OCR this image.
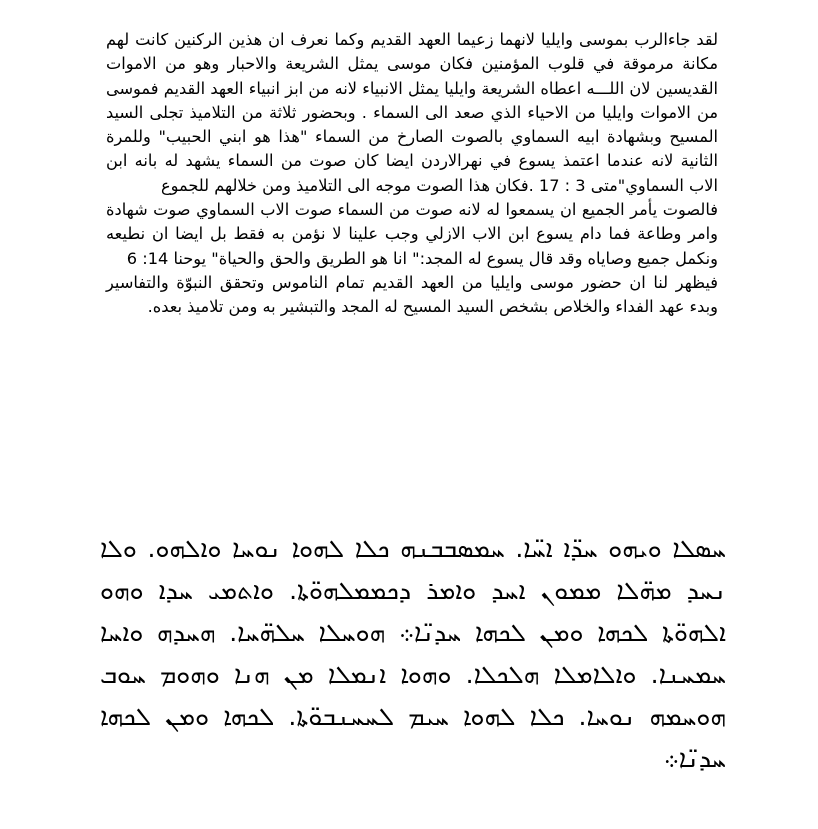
لقد جاءالرب بموسى وايليا لانهما زعيما العهد القديم وكما نعرف ان هذين الركنين كانت لهم مكانة مرموقة في قلوب المؤمنين فكان موسى يمثل الشريعة والاحبار وهو من الاموات القديسين لان اللـــه اعطاه الشريعة وايليا يمثل الانبياء لانه من ابز انبياء العهد القديم فموسى من الاموات وايليا من الاحياء الذي صعد الى السماء . وبحضور ثلاثة من التلاميذ تجلى السيد المسيح وبشهادة ابيه السماوي بالصوت الصارخ من السماء "هذا هو ابني الحبيب" وللمرة الثانية لانه عندما اعتمذ يسوع في نهرالاردن ايضا كان صوت من السماء يشهد له بانه ابن الاب السماوي"متى 3 : 17 .فكان هذا الصوت موجه الى التلاميذ ومن خلالهم للجموع

فالصوت يأمر الجميع ان يسمعوا له لانه صوت من السماء صوت الاب السماوي صوت شهادة وامر وطاعة فما دام يسوع ابن الاب الازلي وجب علينا لا نؤمن به فقط بل ايضا ان نطيعه ونكمل جميع وصاياه وقد قال يسوع له المجد:" انا هو الطريق والحق والحياة" يوحنا 14: 6

فيظهر لنا ان حضور موسى وايليا من العهد القديم تمام الناموس وتحقق النبوّة والتفاسير وبدء عهد الفداء والخلاص بشخص السيد المسيح له المجد والتبشير به ومن تلاميذ بعده.

ܚܣܠܐ ܘܝܗܘ ܚܕ̈ܐ ܐܚ̈ܐ. ܚܡܣܒܒܢܗ ܟܠܐ ܠܗܘܐ ܢܘܚܐ ܘܐܠܗܘ. ܘܠܐ ܢܚܕ ܡܗ̈ܠܐ ܡܡܘܢ ܐܚܕ ܘܐܡܪ ܕܟܡܡܠܗܘ̈ܬܐ. ܘܐܬܡܝ ܚܕܐ ܘܗܘ ܐܠܗܘ̈ܬܐ ܠܟܗܐ ܘܡܢ ܠܟܗܐ ܚܕܢ̈ܐ܀ ܗܘܚܠܐ ܚܠܗ̈ܚܐ. ܗܚܕܗ ܘܐܚܐ ܚܡܚܢܐ. ܘܐܠܐܡܠܐ ܗܠܟܠܐ. ܘܗܘܐ ܐܢܡܠܐ ܡܢ ܗܢܐ ܘܗܘܡ ܚܘܒ ܗܘܚܡܗ ܢܘܚܐ. ܟܠܐ ܠܗܘܐ ܚܝܡ ܠܚܚܢܒܘ̈ܬܐ. ܠܟܗܐ ܘܡܢ ܠܟܗܐ ܚܕܢ̈ܐ܀
